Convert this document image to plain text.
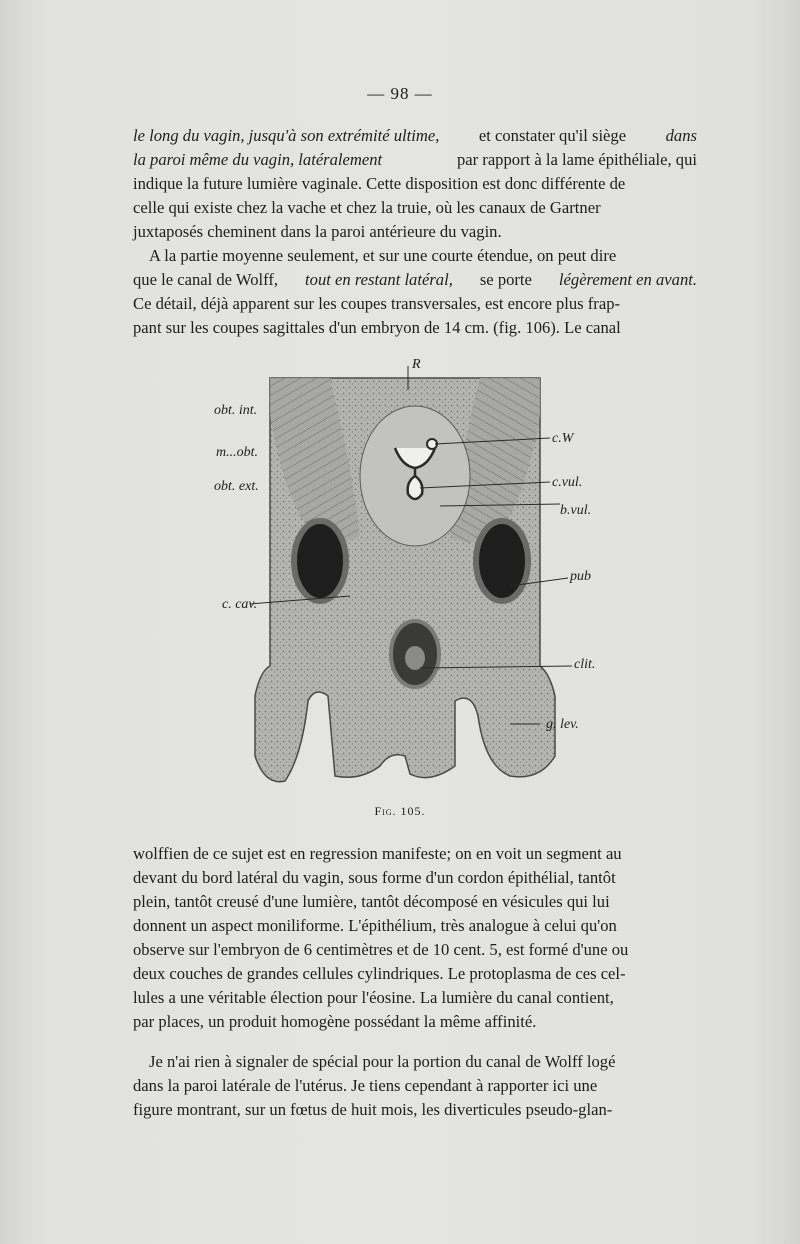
— 98 —
le long du vagin, jusqu'à son extrémité ultime, et constater qu'il siège dans
la paroi même du vagin, latéralement	par rapport à la lame épithéliale, qui
indique la future lumière vaginale. Cette disposition est donc différente de
celle qui existe chez la vache et chez la truie, où les canaux de Gartner
juxtaposés cheminent dans la paroi antérieure du vagin.
A la partie moyenne seulement, et sur une courte étendue, on peut dire
que le canal de Wolff, tout en restant latéral, se porte légèrement en avant.
Ce détail, déjà apparent sur les coupes transversales, est encore plus frap-
pant sur les coupes sagittales d'un embryon de 14 cm. (fig. 106). Le canal
R
obt. int.
m...obt.
obt. ext.
c. cav.
c.W
c.vul.
b.vul.
pub
clit.
g. lev.
Fig. 105.
wolffien de ce sujet est en regression manifeste; on en voit un segment au
devant du bord latéral du vagin, sous forme d'un cordon épithélial, tantôt
plein, tantôt creusé d'une lumière, tantôt décomposé en vésicules qui lui
donnent un aspect moniliforme. L'épithélium, très analogue à celui qu'on
observe sur l'embryon de 6 centimètres et de 10 cent. 5, est formé d'une ou
deux couches de grandes cellules cylindriques. Le protoplasma de ces cel-
lules a une véritable élection pour l'éosine. La lumière du canal contient,
par places, un produit homogène possédant la même affinité.
Je n'ai rien à signaler de spécial pour la portion du canal de Wolff logé
dans la paroi latérale de l'utérus. Je tiens cependant à rapporter ici une
figure montrant, sur un fœtus de huit mois, les diverticules pseudo-glan-
